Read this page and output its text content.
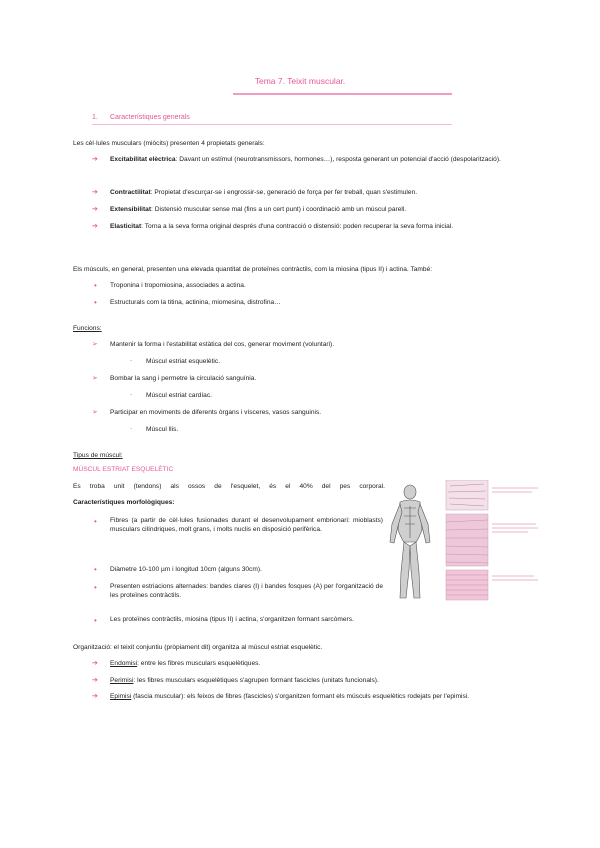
Tema 7. Teixit muscular.
1. Característiques generals
Les cèl·lules musculars (miòcits) presenten 4 propietats generals:
➔ Excitabilitat elèctrica: Davant un estímul (neurotransmissors, hormones…), resposta generant un potencial d'acció (despolarització).
➔ Contractilitat: Propietat d'escurçar-se i engrossir-se, generació de força per fer treball, quan s'estimulen.
➔ Extensibilitat: Distensió muscular sense mal (fins a un cert punt) i coordinació amb un múscul parell.
➔ Elasticitat: Torna a la seva forma original després d'una contracció o distensió: poden recuperar la seva forma inicial.
Els músculs, en general, presenten una elevada quantitat de proteïnes contràctils, com la miosina (tipus II) i actina. També:
• Troponina i tropomiosina, associades a actina.
• Estructurals com la titina, actinina, miomesina, distrofina…
Funcions:
➢ Mantenir la forma i l'estabilitat estàtica del cos, generar moviment (voluntari).
· Múscul estriat esquelètic.
➢ Bombar la sang i permetre la circulació sanguínia.
· Múscul estriat cardíac.
➢ Participar en moviments de diferents òrgans i vísceres, vasos sanguinis.
· Múscul llis.
Tipus de múscul:
MÚSCUL ESTRIAT ESQUELÈTIC
Es troba unit (tendons) als ossos de l'esquelet, és el 40% del pes corporal.
Característiques morfològiques:
• Fibres (a partir de cèl·lules fusionades durant el desenvolupament embrionari: mioblasts) musculars cilíndriques, molt grans, i molts nuclis en disposició perifèrica.
• Diàmetre 10-100 µm i longitud 10cm (alguns 30cm).
• Presenten estriacions alternades: bandes clares (I) i bandes fosques (A) per l'organització de les proteïnes contràctils.
• Les proteïnes contràctils, miosina (tipus II) i actina, s'organitzen formant sarcòmers.
Organització: el teixit conjuntiu (pròpiament dit) organitza al múscul estriat esquelètic.
➔ Endomisi: entre les fibres musculars esquelètiques.
➔ Perimisi: les fibres musculars esquelètiques s'agrupen formant fascicles (unitats funcionals).
➔ Epimisi (fascia muscular): els feixos de fibres (fascicles) s'organitzen formant els músculs esquelètics rodejats per l'epimisi.
